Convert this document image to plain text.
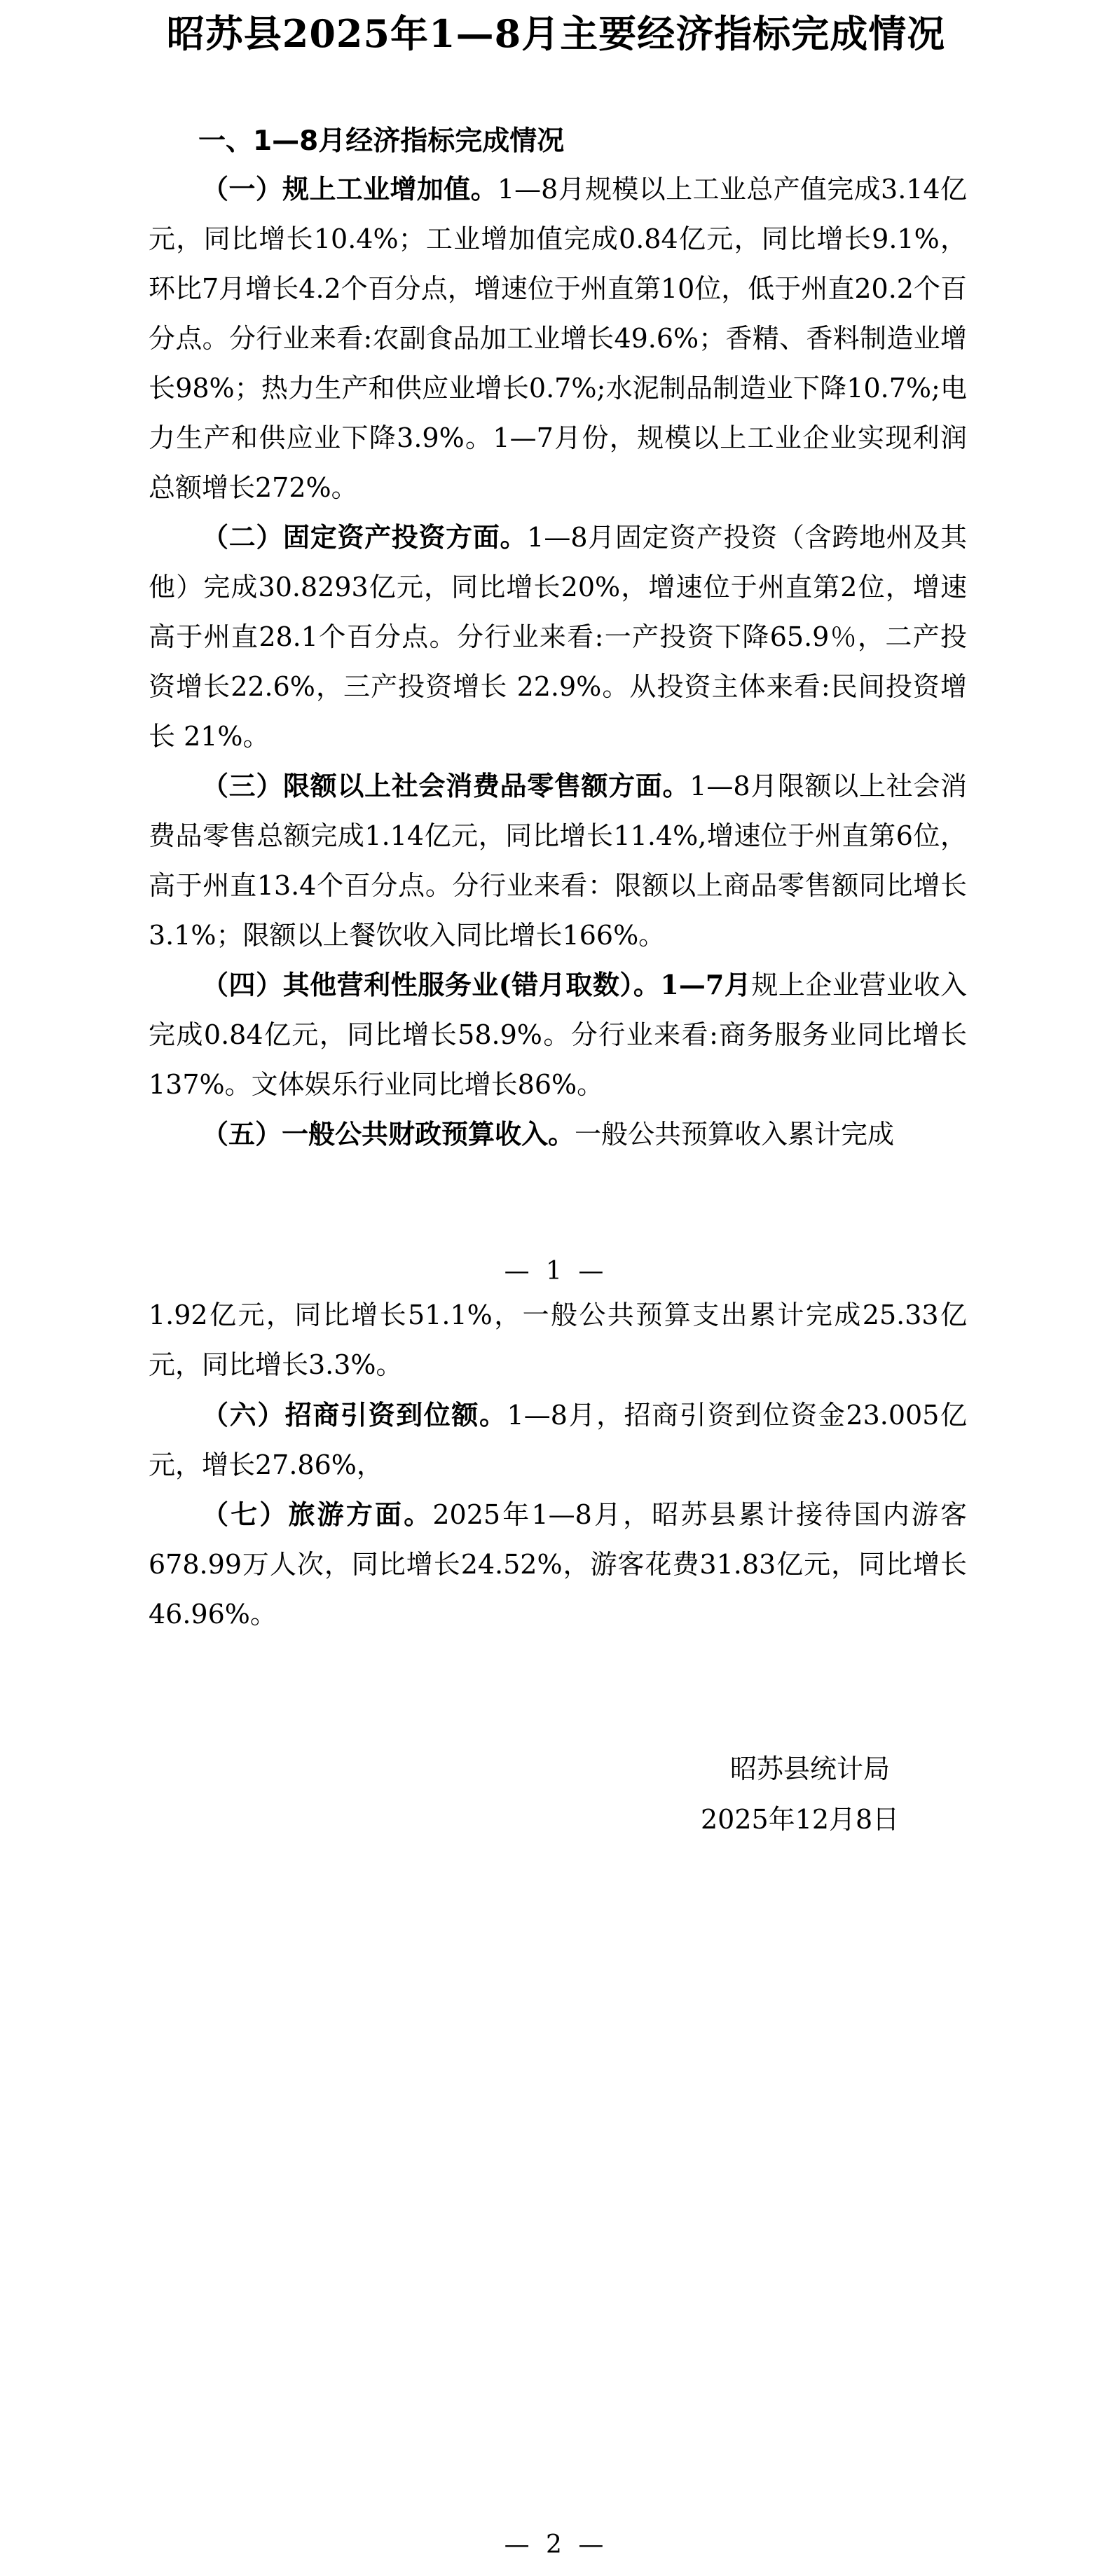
昭苏县2025年1—8月主要经济指标完成情况
一、1—8月经济指标完成情况

（一）规上工业增加值。1—8月规模以上工业总产值完成3.14亿元，同比增长10.4%；工业增加值完成0.84亿元，同比增长9.1%，环比7月增长4.2个百分点，增速位于州直第10位，低于州直20.2个百分点。分行业来看:农副食品加工业增长49.6%；香精、香料制造业增长98%；热力生产和供应业增长0.7%;水泥制品制造业下降10.7%;电力生产和供应业下降3.9%。1—7月份，规模以上工业企业实现利润总额增长272%。

（二）固定资产投资方面。1—8月固定资产投资（含跨地州及其他）完成30.8293亿元，同比增长20%，增速位于州直第2位，增速高于州直28.1个百分点。分行业来看:一产投资下降65.9％，二产投资增长22.6%，三产投资增长 22.9%。从投资主体来看:民间投资增长 21%。

（三）限额以上社会消费品零售额方面。1—8月限额以上社会消费品零售总额完成1.14亿元，同比增长11.4%,增速位于州直第6位，高于州直13.4个百分点。分行业来看：限额以上商品零售额同比增长3.1%；限额以上餐饮收入同比增长166%。

（四）其他营利性服务业(错月取数）。1—7月规上企业营业收入完成0.84亿元，同比增长58.9%。分行业来看:商务服务业同比增长137%。文体娱乐行业同比增长86%。

（五）一般公共财政预算收入。一般公共预算收入累计完成

— 1 —

1.92亿元，同比增长51.1%，一般公共预算支出累计完成25.33亿元，同比增长3.3%。

（六）招商引资到位额。1—8月，招商引资到位资金23.005亿元，增长27.86%，

（七）旅游方面。2025年1—8月，昭苏县累计接待国内游客678.99万人次，同比增长24.52%，游客花费31.83亿元，同比增长46.96%。

昭苏县统计局
2025年12月8日
— 2 —
